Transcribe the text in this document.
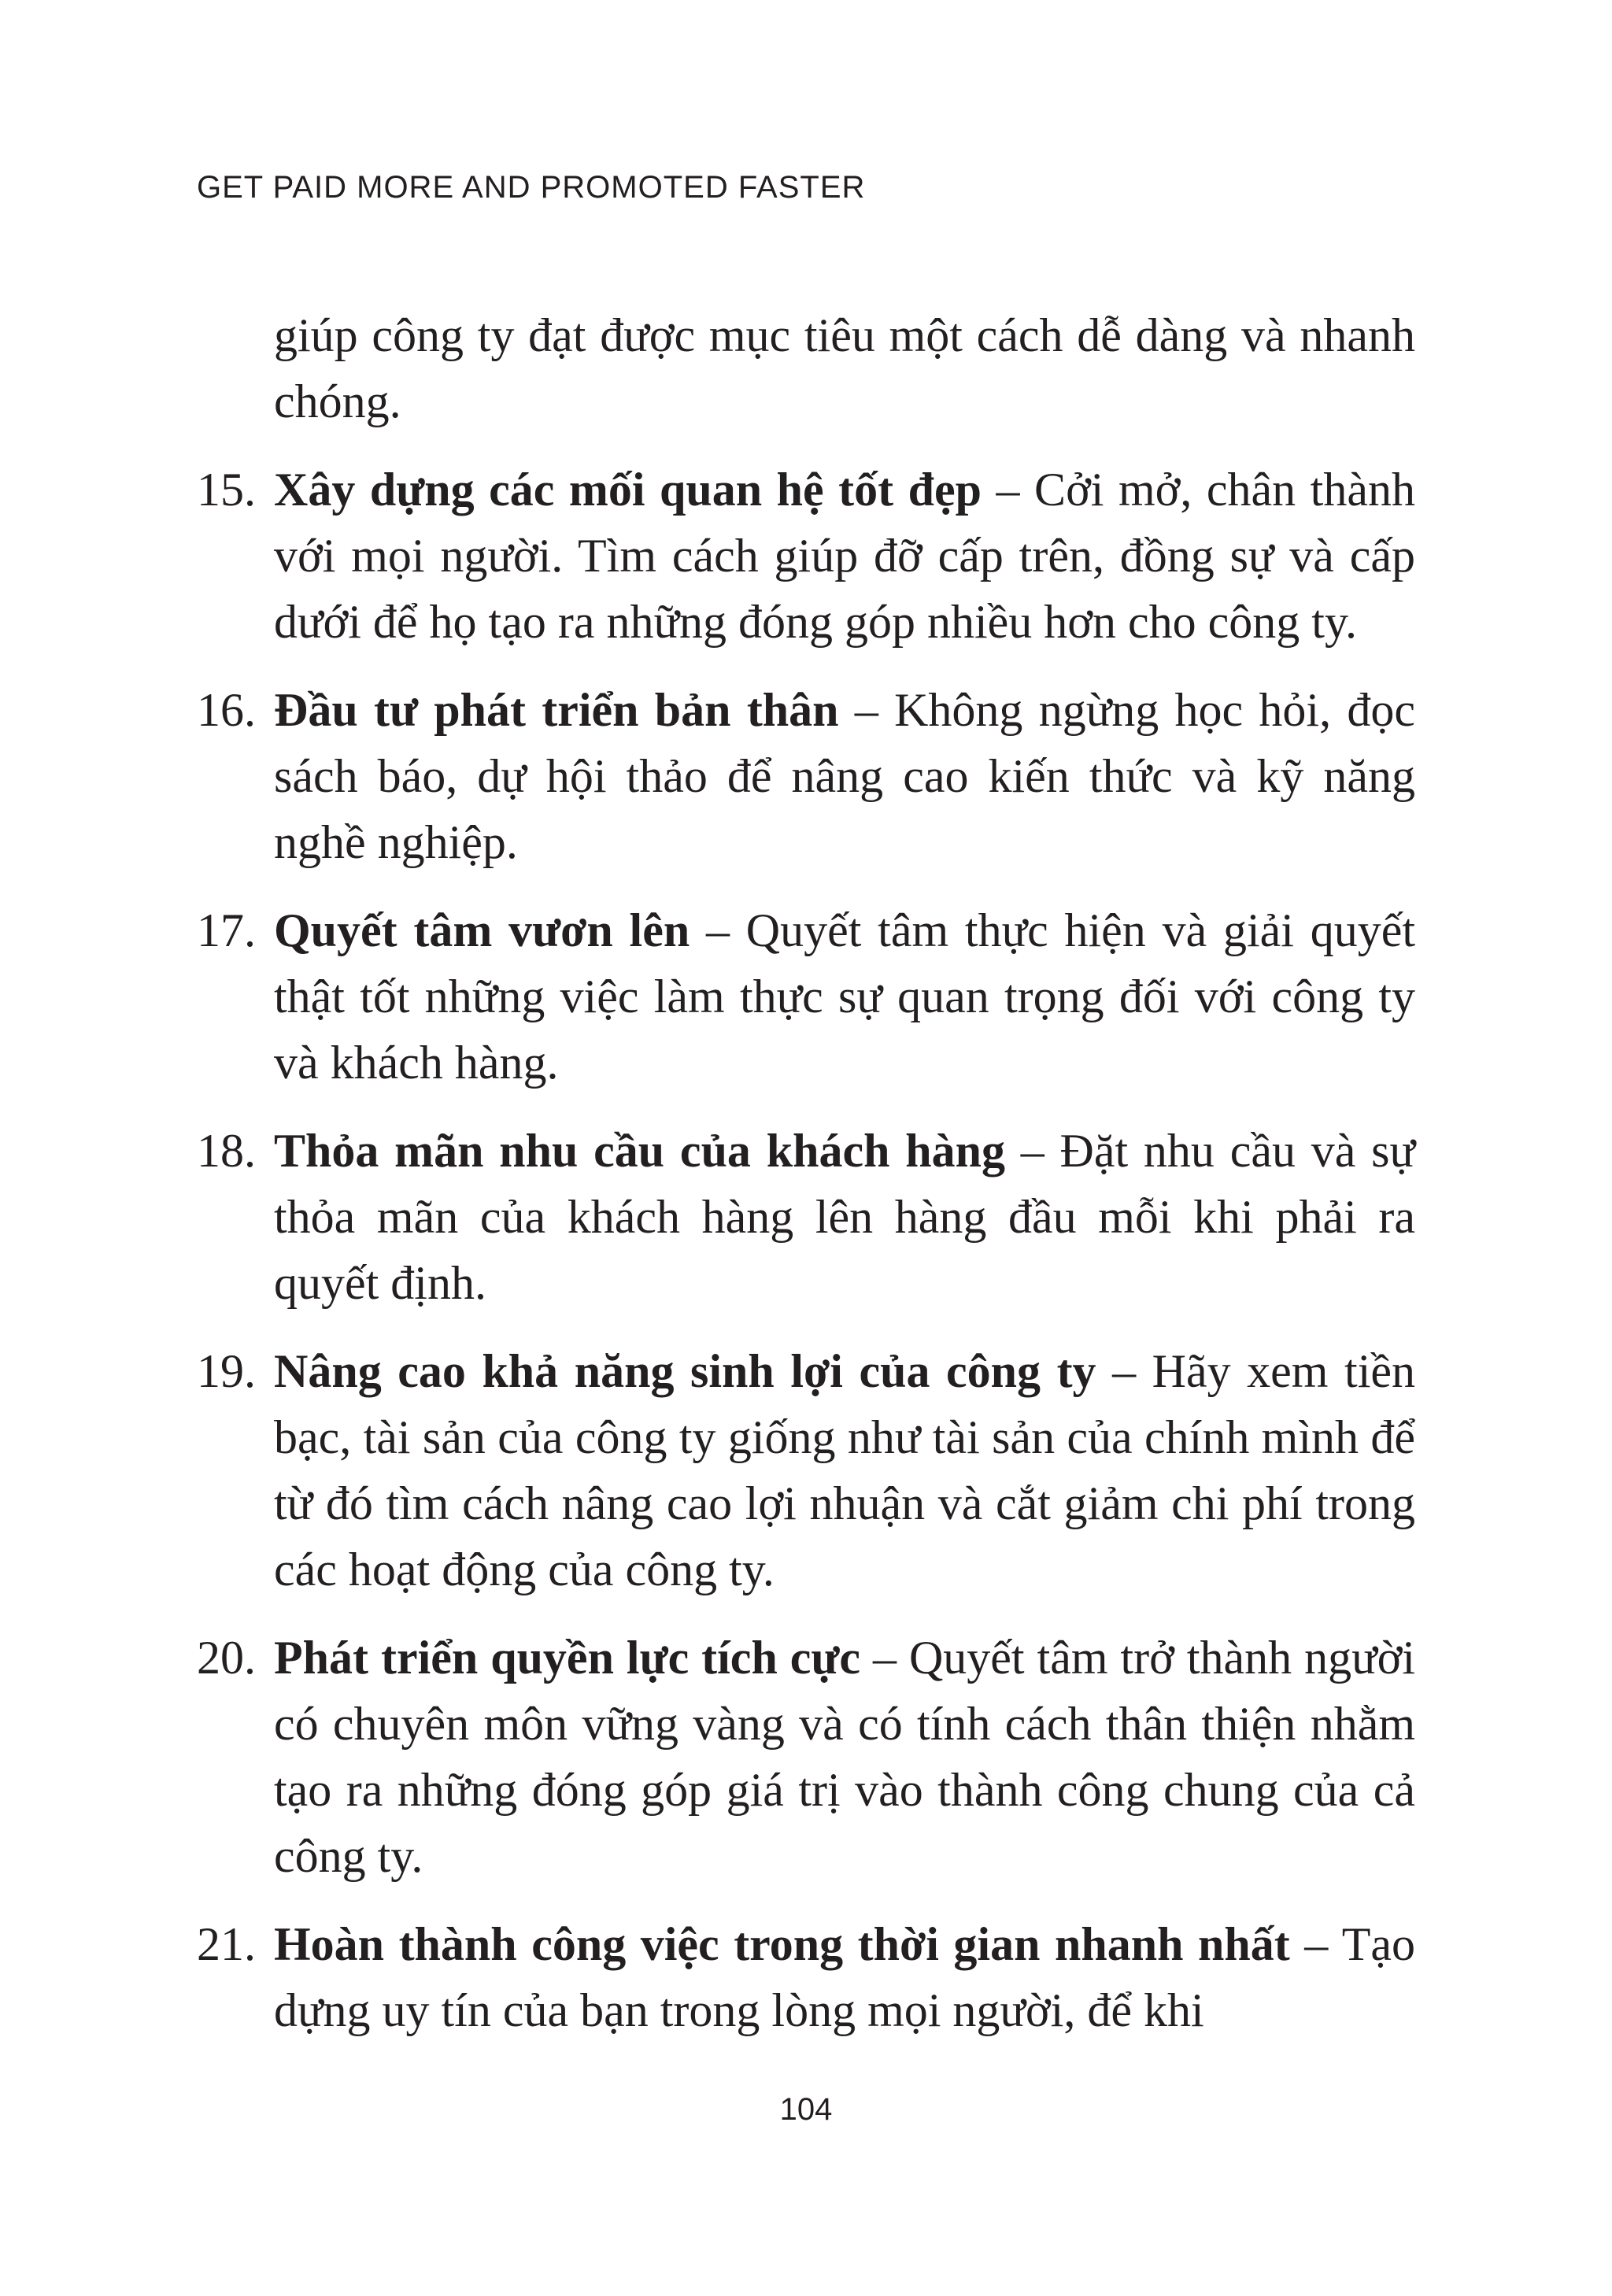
GET PAID MORE AND PROMOTED FASTER

giúp công ty đạt được mục tiêu một cách dễ dàng và nhanh chóng.

15. Xây dựng các mối quan hệ tốt đẹp – Cởi mở, chân thành với mọi người. Tìm cách giúp đỡ cấp trên, đồng sự và cấp dưới để họ tạo ra những đóng góp nhiều hơn cho công ty.

16. Đầu tư phát triển bản thân – Không ngừng học hỏi, đọc sách báo, dự hội thảo để nâng cao kiến thức và kỹ năng nghề nghiệp.

17. Quyết tâm vươn lên – Quyết tâm thực hiện và giải quyết thật tốt những việc làm thực sự quan trọng đối với công ty và khách hàng.

18. Thỏa mãn nhu cầu của khách hàng – Đặt nhu cầu và sự thỏa mãn của khách hàng lên hàng đầu mỗi khi phải ra quyết định.

19. Nâng cao khả năng sinh lợi của công ty – Hãy xem tiền bạc, tài sản của công ty giống như tài sản của chính mình để từ đó tìm cách nâng cao lợi nhuận và cắt giảm chi phí trong các hoạt động của công ty.

20. Phát triển quyền lực tích cực – Quyết tâm trở thành người có chuyên môn vững vàng và có tính cách thân thiện nhằm tạo ra những đóng góp giá trị vào thành công chung của cả công ty.

21. Hoàn thành công việc trong thời gian nhanh nhất – Tạo dựng uy tín của bạn trong lòng mọi người, để khi

104
